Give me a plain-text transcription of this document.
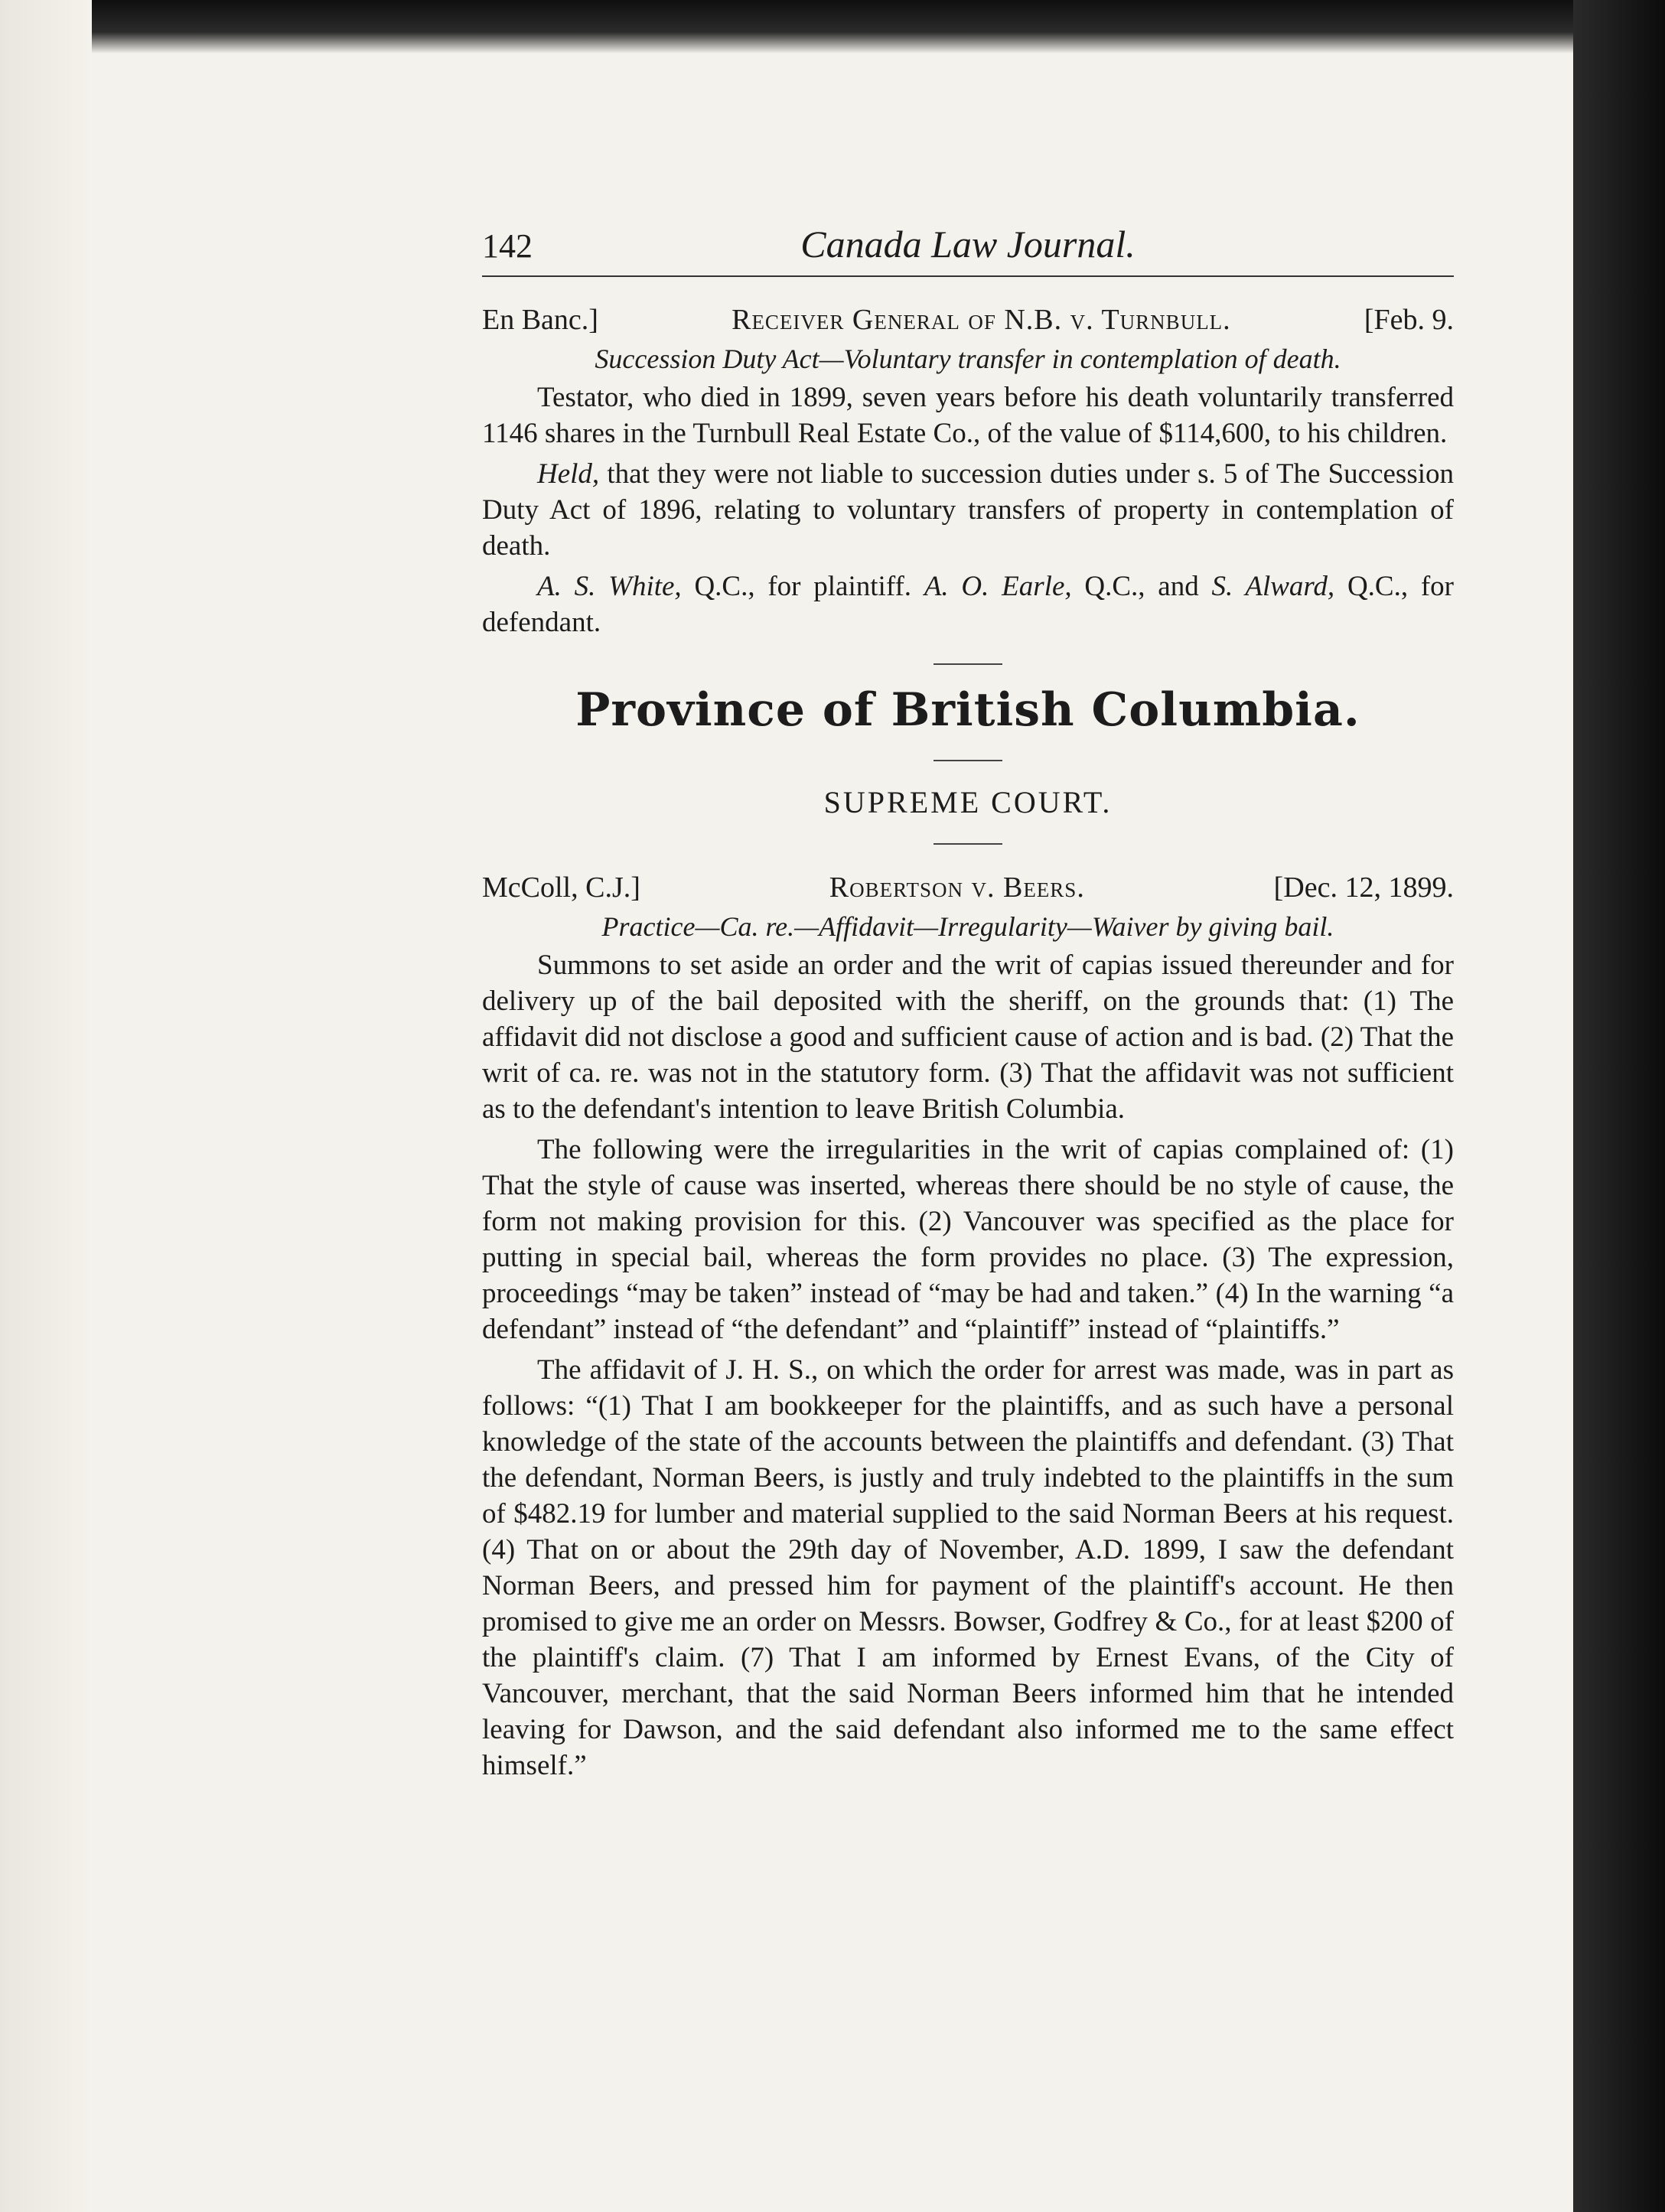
142	Canada Law Journal.
En Banc.]	Receiver General of N.B. v. Turnbull.	[Feb. 9.
Succession Duty Act—Voluntary transfer in contemplation of death.

Testator, who died in 1899, seven years before his death voluntarily transferred 1146 shares in the Turnbull Real Estate Co., of the value of $114,600, to his children.

Held, that they were not liable to succession duties under s. 5 of The Succession Duty Act of 1896, relating to voluntary transfers of property in contemplation of death.

A. S. White, Q.C., for plaintiff. A. O. Earle, Q.C., and S. Alward, Q.C., for defendant.

Province of British Columbia.
SUPREME COURT.
McColl, C.J.]	Robertson v. Beers.	[Dec. 12, 1899.
Practice—Ca. re.—Affidavit—Irregularity—Waiver by giving bail.

Summons to set aside an order and the writ of capias issued thereunder and for delivery up of the bail deposited with the sheriff, on the grounds that: (1) The affidavit did not disclose a good and sufficient cause of action and is bad. (2) That the writ of ca. re. was not in the statutory form. (3) That the affidavit was not sufficient as to the defendant's intention to leave British Columbia.

The following were the irregularities in the writ of capias complained of: (1) That the style of cause was inserted, whereas there should be no style of cause, the form not making provision for this. (2) Vancouver was specified as the place for putting in special bail, whereas the form provides no place. (3) The expression, proceedings “may be taken” instead of “may be had and taken.” (4) In the warning “a defendant” instead of “the defendant” and “plaintiff” instead of “plaintiffs.”

The affidavit of J. H. S., on which the order for arrest was made, was in part as follows: “(1) That I am bookkeeper for the plaintiffs, and as such have a personal knowledge of the state of the accounts between the plaintiffs and defendant. (3) That the defendant, Norman Beers, is justly and truly indebted to the plaintiffs in the sum of $482.19 for lumber and material supplied to the said Norman Beers at his request. (4) That on or about the 29th day of November, A.D. 1899, I saw the defendant Norman Beers, and pressed him for payment of the plaintiff's account. He then promised to give me an order on Messrs. Bowser, Godfrey & Co., for at least $200 of the plaintiff's claim. (7) That I am informed by Ernest Evans, of the City of Vancouver, merchant, that the said Norman Beers informed him that he intended leaving for Dawson, and the said defendant also informed me to the same effect himself.”
